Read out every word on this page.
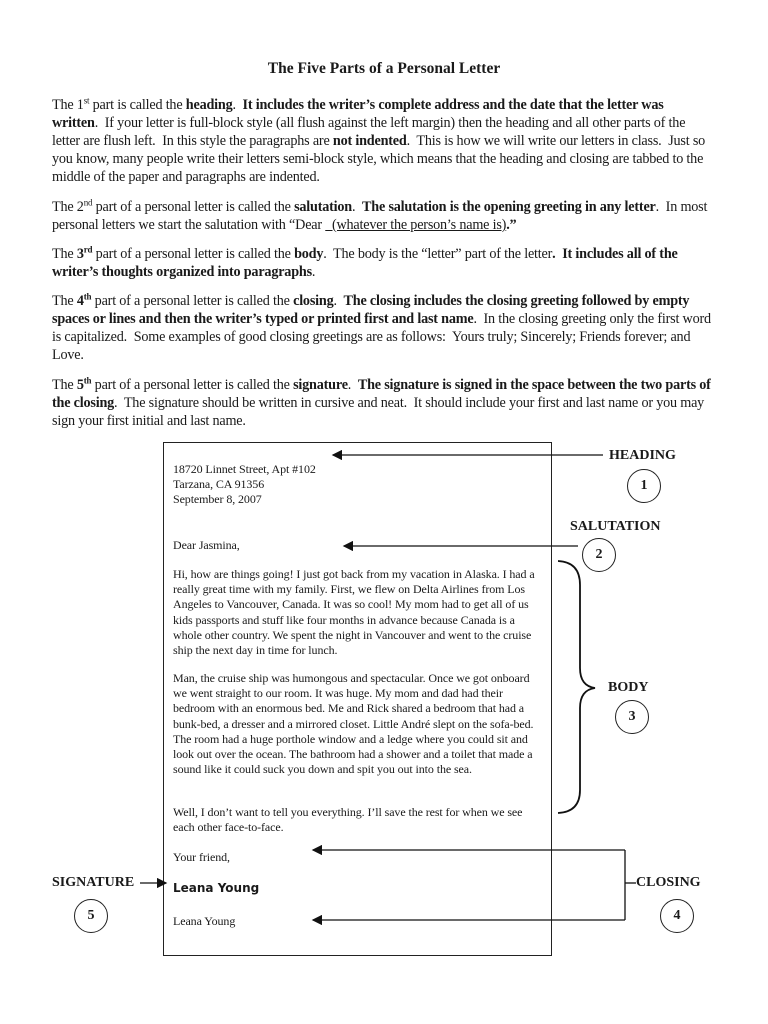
The Five Parts of a Personal Letter
The 1st part is called the heading.  It includes the writer’s complete address and the date that the letter was written.  If your letter is full-block style (all flush against the left margin) then the heading and all other parts of the letter are flush left.  In this style the paragraphs are not indented.  This is how we will write our letters in class.  Just so you know, many people write their letters semi-block style, which means that the heading and closing are tabbed to the middle of the paper and paragraphs are indented.
The 2nd part of a personal letter is called the salutation.  The salutation is the opening greeting in any letter.  In most personal letters we start the salutation with “Dear   (whatever the person’s name is).”
The 3rd part of a personal letter is called the body.  The body is the “letter” part of the letter.  It includes all of the writer’s thoughts organized into paragraphs.
The 4th part of a personal letter is called the closing.  The closing includes the closing greeting followed by empty spaces or lines and then the writer’s typed or printed first and last name.  In the closing greeting only the first word is capitalized.  Some examples of good closing greetings are as follows:  Yours truly; Sincerely; Friends forever; and Love.
The 5th part of a personal letter is called the signature.  The signature is signed in the space between the two parts of the closing.  The signature should be written in cursive and neat.  It should include your first and last name or you may sign your first initial and last name.
18720 Linnet Street, Apt #102
Tarzana, CA 91356
September 8, 2007
Dear Jasmina,
Hi, how are things going! I just got back from my vacation in Alaska. I had a really great time with my family. First, we flew on Delta Airlines from Los Angeles to Vancouver, Canada. It was so cool! My mom had to get all of us kids passports and stuff like four months in advance because Canada is a whole other country. We spent the night in Vancouver and went to the cruise ship the next day in time for lunch.
Man, the cruise ship was humongous and spectacular. Once we got onboard we went straight to our room. It was huge. My mom and dad had their bedroom with an enormous bed. Me and Rick shared a bedroom that had a bunk-bed, a dresser and a mirrored closet. Little André slept on the sofa-bed. The room had a huge porthole window and a ledge where you could sit and look out over the ocean. The bathroom had a shower and a toilet that made a sound like it could suck you down and spit you out into the sea.
Well, I don’t want to tell you everything. I’ll save the rest for when we see each other face-to-face.
Your friend,
Leana Young
Leana Young
HEADING
1
SALUTATION
2
BODY
3
CLOSING
4
SIGNATURE
5
